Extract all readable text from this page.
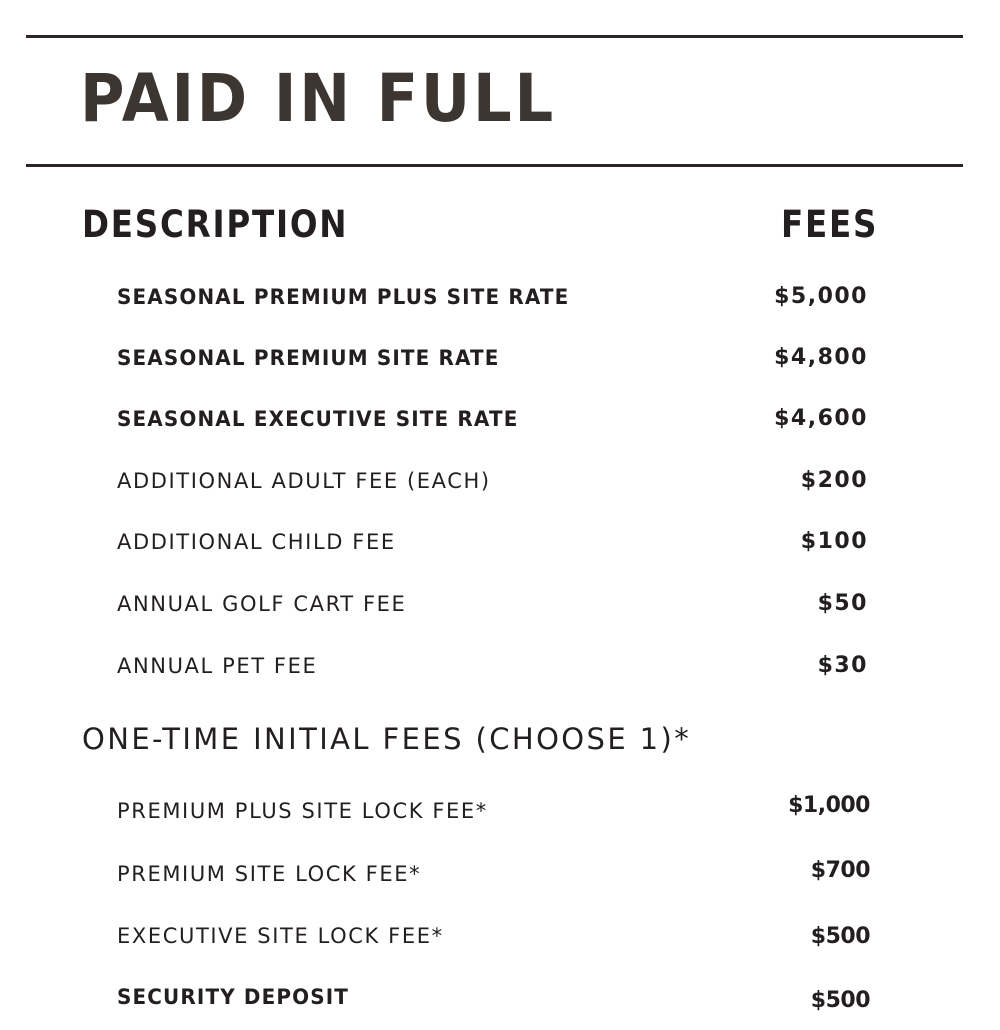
PAID IN FULL
DESCRIPTION	FEES
SEASONAL PREMIUM PLUS SITE RATE	$5,000
SEASONAL PREMIUM SITE RATE	$4,800
SEASONAL EXECUTIVE SITE RATE	$4,600
ADDITIONAL ADULT FEE (EACH)	$200
ADDITIONAL CHILD FEE	$100
ANNUAL GOLF CART FEE	$50
ANNUAL PET FEE	$30
ONE-TIME INITIAL FEES (CHOOSE 1)*
PREMIUM PLUS SITE LOCK FEE*	$1,000
PREMIUM SITE LOCK FEE*	$700
EXECUTIVE SITE LOCK FEE*	$500
SECURITY DEPOSIT	$500
